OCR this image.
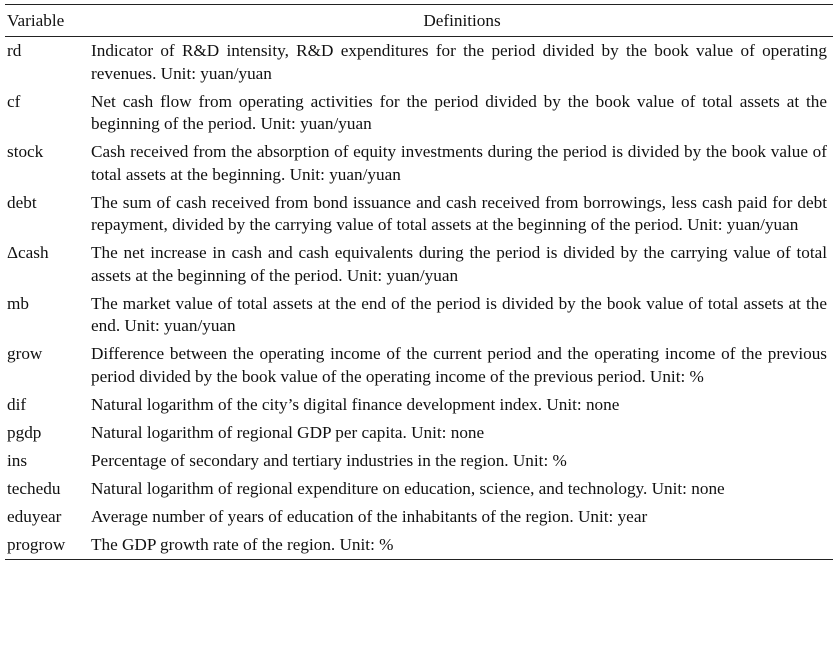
Variable	Definitions
rd	Indicator of R&D intensity, R&D expenditures for the period divided by the book value of operating revenues. Unit: yuan/yuan
cf	Net cash flow from operating activities for the period divided by the book value of total assets at the beginning of the period. Unit: yuan/yuan
stock	Cash received from the absorption of equity investments during the period is divided by the book value of total assets at the beginning. Unit: yuan/yuan
debt	The sum of cash received from bond issuance and cash received from borrowings, less cash paid for debt repayment, divided by the carrying value of total assets at the beginning of the period. Unit: yuan/yuan
Δcash	The net increase in cash and cash equivalents during the period is divided by the carrying value of total assets at the beginning of the period. Unit: yuan/yuan
mb	The market value of total assets at the end of the period is divided by the book value of total assets at the end. Unit: yuan/yuan
grow	Difference between the operating income of the current period and the operating income of the previous period divided by the book value of the operating income of the previous period. Unit: %
dif	Natural logarithm of the city’s digital finance development index. Unit: none
pgdp	Natural logarithm of regional GDP per capita. Unit: none
ins	Percentage of secondary and tertiary industries in the region. Unit: %
techedu	Natural logarithm of regional expenditure on education, science, and technology. Unit: none
eduyear	Average number of years of education of the inhabitants of the region. Unit: year
progrow	The GDP growth rate of the region. Unit: %
